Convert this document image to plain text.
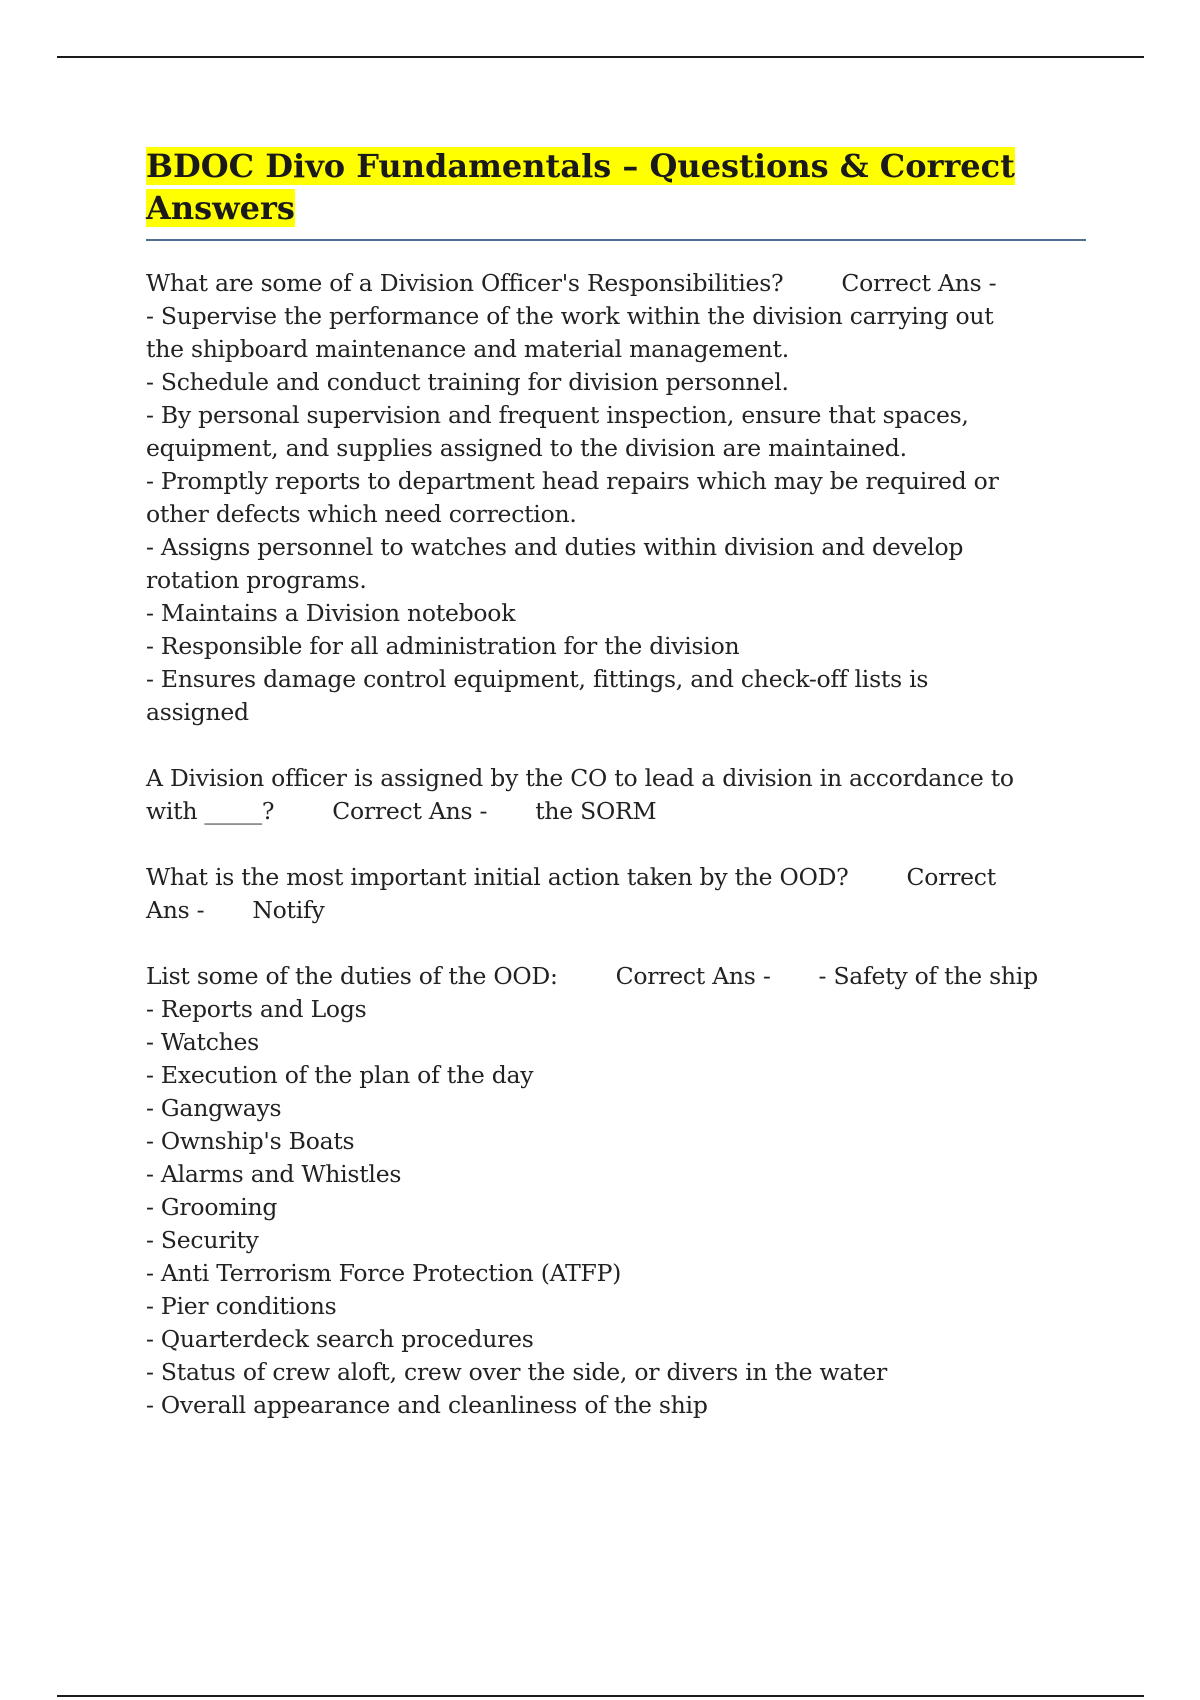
BDOC Divo Fundamentals – Questions & Correct
Answers
What are some of a Division Officer's Responsibilities? Correct Ans -
- Supervise the performance of the work within the division carrying out
the shipboard maintenance and material management.
- Schedule and conduct training for division personnel.
- By personal supervision and frequent inspection, ensure that spaces,
equipment, and supplies assigned to the division are maintained.
- Promptly reports to department head repairs which may be required or
other defects which need correction.
- Assigns personnel to watches and duties within division and develop
rotation programs.
- Maintains a Division notebook
- Responsible for all administration for the division
- Ensures damage control equipment, fittings, and check-off lists is
assigned
A Division officer is assigned by the CO to lead a division in accordance to
with _____? Correct Ans - the SORM
What is the most important initial action taken by the OOD? Correct
Ans - Notify
List some of the duties of the OOD: Correct Ans - - Safety of the ship
- Reports and Logs
- Watches
- Execution of the plan of the day
- Gangways
- Ownship's Boats
- Alarms and Whistles
- Grooming
- Security
- Anti Terrorism Force Protection (ATFP)
- Pier conditions
- Quarterdeck search procedures
- Status of crew aloft, crew over the side, or divers in the water
- Overall appearance and cleanliness of the ship
